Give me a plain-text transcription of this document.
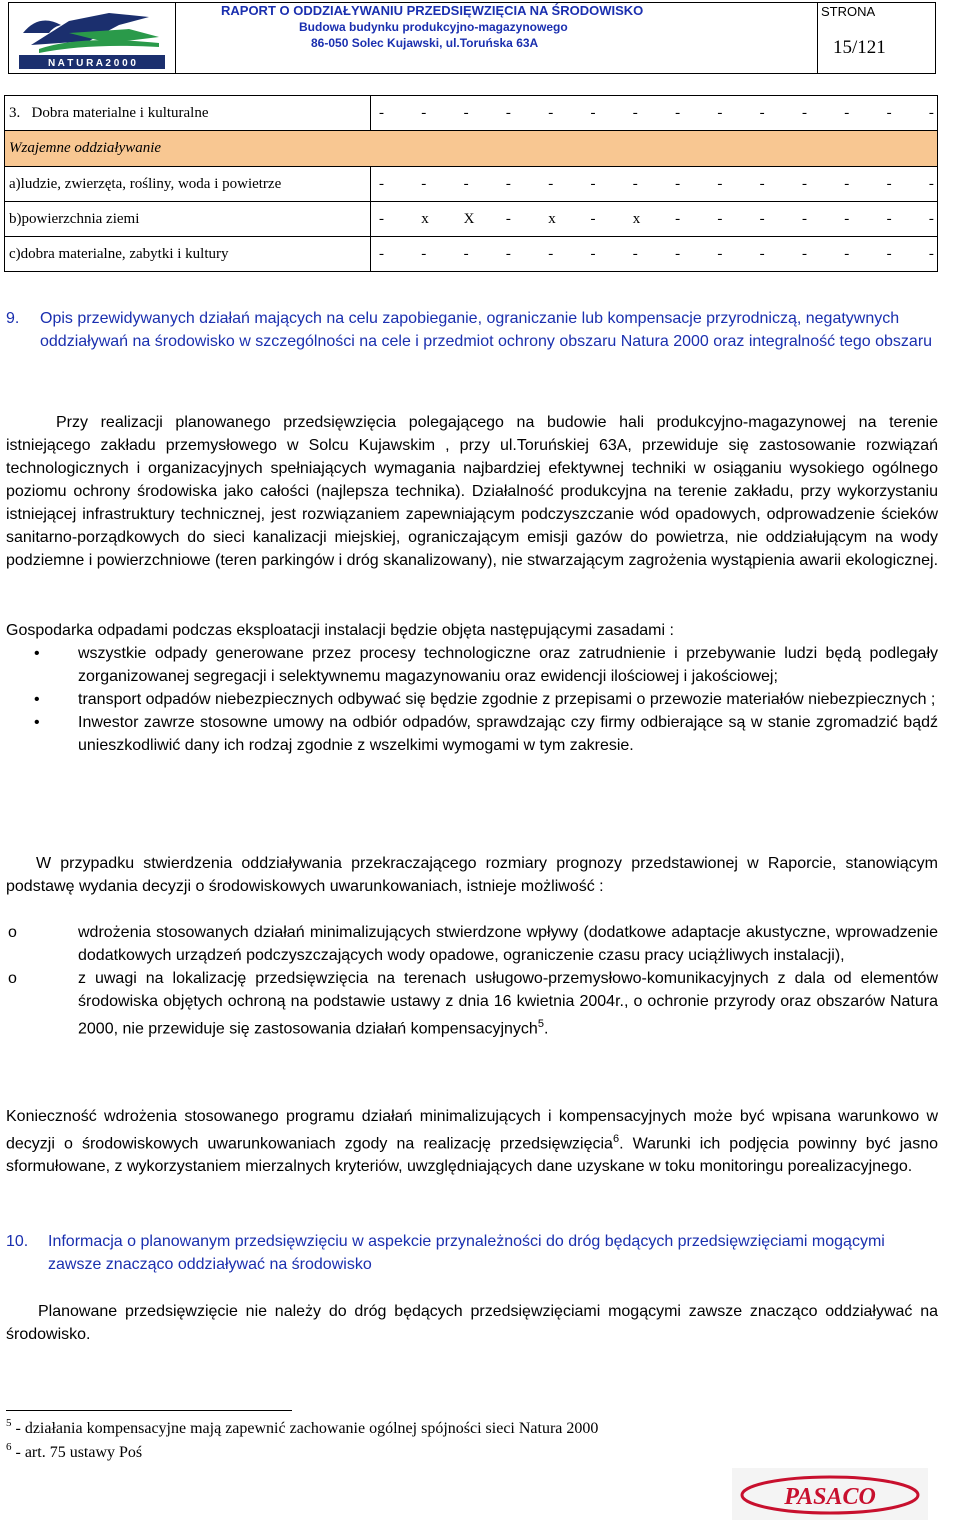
N A T U R A 2 0 0 0
RAPORT O ODDZIAŁYWANIU PRZEDSIĘWZIĘCIA NA ŚRODOWISKO
Budowa budynku produkcyjno-magazynowego
86-050 Solec Kujawski, ul.Toruńska 63A
STRONA
15/121
3. Dobra materialne i kulturalne	- - - - - - - - - - - - - -
Wzajemne oddziaływanie	
a)ludzie, zwierzęta, rośliny, woda i powietrze	- - - - - - - - - - - - - -
b)powierzchnia ziemi	- x X - x - x - - - - - - -
c)dobra materialne, zabytki i kultury	- - - - - - - - - - - - - -
9. Opis przewidywanych działań mających na celu zapobieganie, ograniczanie lub kompensacje przyrodniczą, negatywnych oddziaływań na środowisko w szczególności na cele i przedmiot ochrony obszaru Natura 2000 oraz integralność tego obszaru
Przy realizacji planowanego przedsięwzięcia polegającego na budowie hali produkcyjno-magazynowej na terenie istniejącego zakładu przemysłowego w Solcu Kujawskim , przy ul.Toruńskiej 63A, przewiduje się zastosowanie rozwiązań technologicznych i organizacyjnych spełniających wymagania najbardziej efektywnej techniki w osiąganiu wysokiego ogólnego poziomu ochrony środowiska jako całości (najlepsza technika). Działalność produkcyjna na terenie zakładu, przy wykorzystaniu istniejącej infrastruktury technicznej, jest rozwiązaniem zapewniającym podczyszczanie wód opadowych, odprowadzenie ścieków sanitarno-porządkowych do sieci kanalizacji miejskiej, ograniczającym emisji gazów do powietrza, nie oddziałującym na wody podziemne i powierzchniowe (teren parkingów i dróg skanalizowany), nie stwarzającym zagrożenia wystąpienia awarii ekologicznej.
Gospodarka odpadami podczas eksploatacji instalacji będzie objęta następującymi zasadami :

• wszystkie odpady generowane przez procesy technologiczne oraz zatrudnienie i przebywanie ludzi będą podlegały zorganizowanej segregacji i selektywnemu magazynowaniu oraz ewidencji ilościowej i jakościowej;

• transport odpadów niebezpiecznych odbywać się będzie zgodnie z przepisami o przewozie materiałów niebezpiecznych ;

• Inwestor zawrze stosowne umowy na odbiór odpadów, sprawdzając czy firmy odbierające są w stanie zgromadzić bądź unieszkodliwić dany ich rodzaj zgodnie z wszelkimi wymogami w tym zakresie.

W przypadku stwierdzenia oddziaływania przekraczającego rozmiary prognozy przedstawionej w Raporcie, stanowiącym podstawę wydania decyzji o środowiskowych uwarunkowaniach, istnieje możliwość :

o	wdrożenia stosowanych działań minimalizujących stwierdzone wpływy (dodatkowe adaptacje akustyczne, wprowadzenie dodatkowych urządzeń podczyszczających wody opadowe, ograniczenie czasu pracy uciążliwych instalacji),

o	z uwagi na lokalizację przedsięwzięcia na terenach usługowo-przemysłowo-komunikacyjnych z dala od elementów środowiska objętych ochroną na podstawie ustawy z dnia 16 kwietnia 2004r., o ochronie przyrody oraz obszarów Natura 2000, nie przewiduje się zastosowania działań kompensacyjnych$^5$.

Konieczność wdrożenia stosowanego programu działań minimalizujących i kompensacyjnych może być wpisana warunkowo w decyzji o środowiskowych uwarunkowaniach zgody na realizację przedsięwzięcia$^6$. Warunki ich podjęcia powinny być jasno sformułowane, z wykorzystaniem mierzalnych kryteriów, uwzględniających dane uzyskane w toku monitoringu porealizacyjnego.
10. Informacja o planowanym przedsięwzięciu w aspekcie przynależności do dróg będących przedsięwzięciami mogącymi zawsze znacząco oddziaływać na środowisko
Planowane przedsięwzięcie nie należy do dróg będących przedsięwzięciami mogącymi zawsze znacząco oddziaływać na środowisko.
$^5$ - działania kompensacyjne mają zapewnić zachowanie ogólnej spójności sieci Natura 2000
$^6$ - art. 75 ustawy Poś
PASACO
